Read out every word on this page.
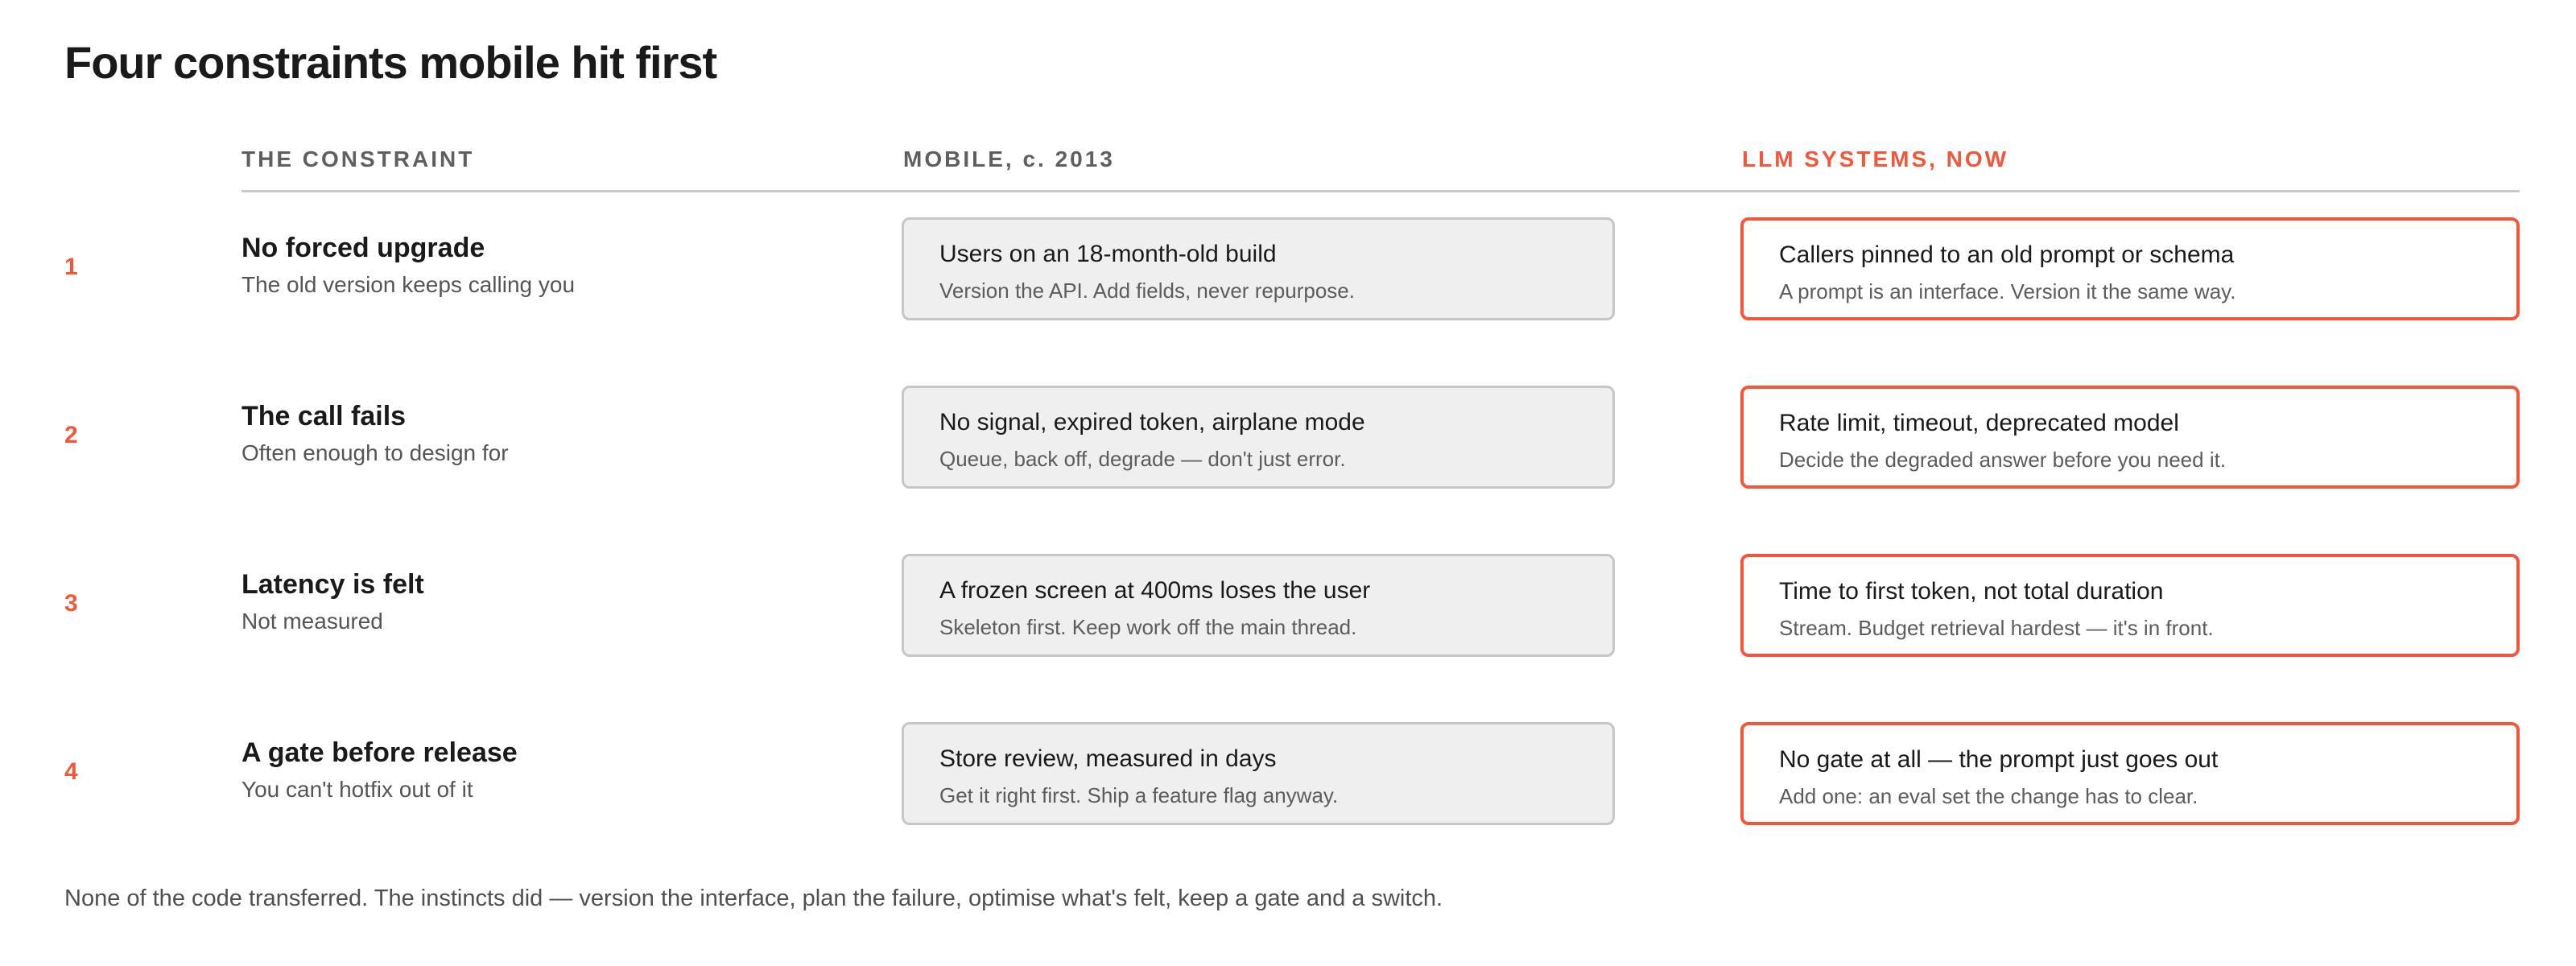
Four constraints mobile hit first
THE CONSTRAINT	MOBILE, c. 2013	LLM SYSTEMS, NOW
1
No forced upgrade
The old version keeps calling you
Users on an 18-month-old build
Version the API. Add fields, never repurpose.
Callers pinned to an old prompt or schema
A prompt is an interface. Version it the same way.
2
The call fails
Often enough to design for
No signal, expired token, airplane mode
Queue, back off, degrade — don't just error.
Rate limit, timeout, deprecated model
Decide the degraded answer before you need it.
3
Latency is felt
Not measured
A frozen screen at 400ms loses the user
Skeleton first. Keep work off the main thread.
Time to first token, not total duration
Stream. Budget retrieval hardest — it's in front.
4
A gate before release
You can't hotfix out of it
Store review, measured in days
Get it right first. Ship a feature flag anyway.
No gate at all — the prompt just goes out
Add one: an eval set the change has to clear.
None of the code transferred. The instincts did — version the interface, plan the failure, optimise what's felt, keep a gate and a switch.
